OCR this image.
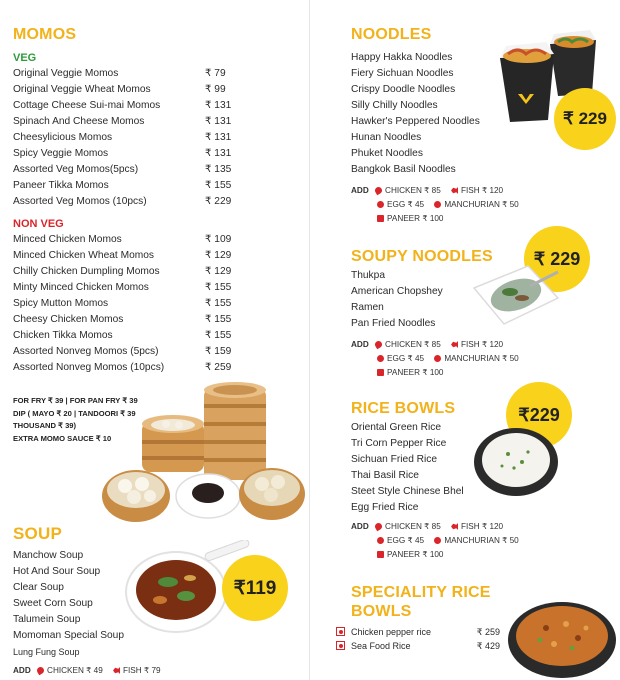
MOMOS
VEG
Original Veggie Momos	₹ 79
Original Veggie Wheat Momos	₹ 99
Cottage Cheese Sui-mai Momos	₹ 131
Spinach And Cheese Momos	₹ 131
Cheesylicious Momos	₹ 131
Spicy Veggie Momos	₹ 131
Assorted Veg Momos(5pcs)	₹ 135
Paneer Tikka Momos	₹ 155
Assorted Veg Momos (10pcs)	₹ 229
NON VEG
Minced Chicken Momos	₹ 109
Minced Chicken Wheat Momos	₹ 129
Chilly Chicken Dumpling Momos	₹ 129
Minty Minced Chicken Momos	₹ 155
Spicy Mutton Momos	₹ 155
Cheesy Chicken Momos	₹ 155
Chicken Tikka Momos	₹ 155
Assorted Nonveg Momos (5pcs)	₹ 159
Assorted Nonveg Momos (10pcs)	₹ 259
FOR FRY ₹ 39 | FOR PAN FRY ₹ 39
DIP ( MAYO ₹ 20 | TANDOORI ₹ 39
THOUSAND ₹ 39)
EXTRA MOMO SAUCE ₹ 10
SOUP
Manchow Soup
Hot And Sour Soup
Clear Soup
Sweet Corn Soup
Talumein Soup
Momoman Special Soup
Lung Fung Soup
₹119
ADD CHICKEN ₹ 49 FISH ₹ 79
NOODLES
Happy Hakka Noodles
Fiery Sichuan Noodles
Crispy Doodle Noodles
Silly Chilly Noodles
Hawker's Peppered Noodles
Hunan Noodles
Phuket Noodles
Bangkok Basil Noodles
₹ 229
ADD CHICKEN ₹ 85 FISH ₹ 120
EGG ₹ 45 MANCHURIAN ₹ 50
PANEER ₹ 100
SOUPY NOODLES
Thukpa
American Chopshey
Ramen
Pan Fried Noodles
₹ 229
ADD CHICKEN ₹ 85 FISH ₹ 120
EGG ₹ 45 MANCHURIAN ₹ 50
PANEER ₹ 100
RICE BOWLS
Oriental Green Rice
Tri Corn Pepper Rice
Sichuan Fried Rice
Thai Basil Rice
Steet Style Chinese Bhel
Egg Fried Rice
₹229
ADD CHICKEN ₹ 85 FISH ₹ 120
EGG ₹ 45 MANCHURIAN ₹ 50
PANEER ₹ 100
SPECIALITY RICE
BOWLS
Chicken pepper rice	₹ 259
Sea Food Rice	₹ 429
